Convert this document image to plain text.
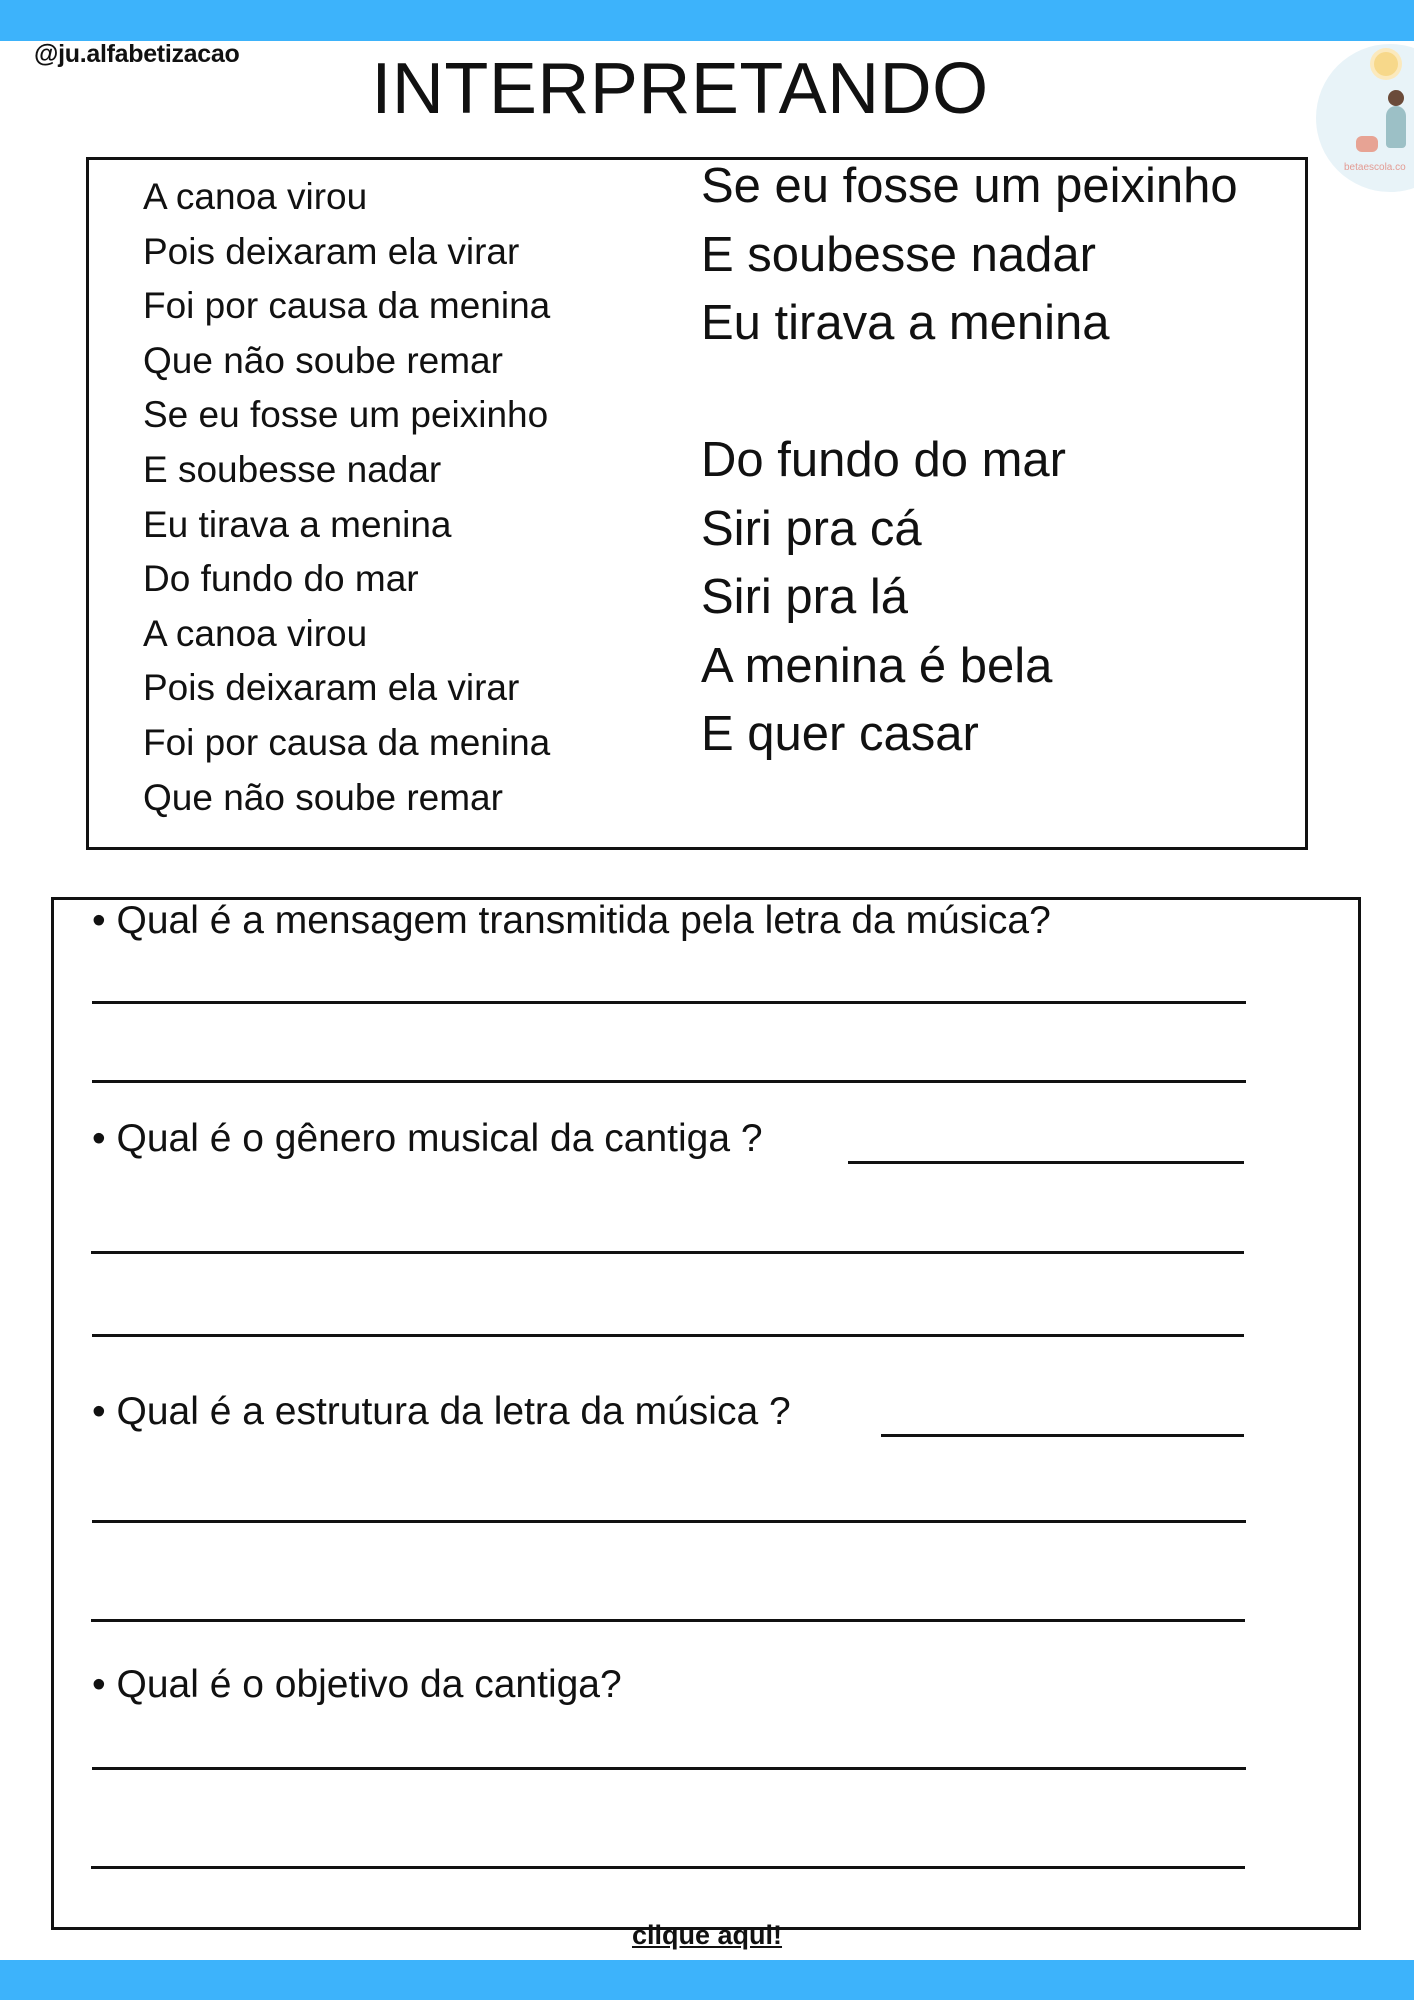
@ju.alfabetizacao	INTERPRETANDO
betaescola.co
A canoa virou
Pois deixaram ela virar
Foi por causa da menina
Que não soube remar
Se eu fosse um peixinho
E soubesse nadar
Eu tirava a menina
Do fundo do mar
A canoa virou
Pois deixaram ela virar
Foi por causa da menina
Que não soube remar
Se eu fosse um peixinho
E soubesse nadar
Eu tirava a menina
Do fundo do mar
Siri pra cá
Siri pra lá
A menina é bela
E quer casar
• Qual é a mensagem transmitida pela letra da música?
• Qual é o gênero musical da cantiga ?
• Qual é a estrutura da letra da música ?
• Qual é o objetivo da cantiga?
clique aqui!
